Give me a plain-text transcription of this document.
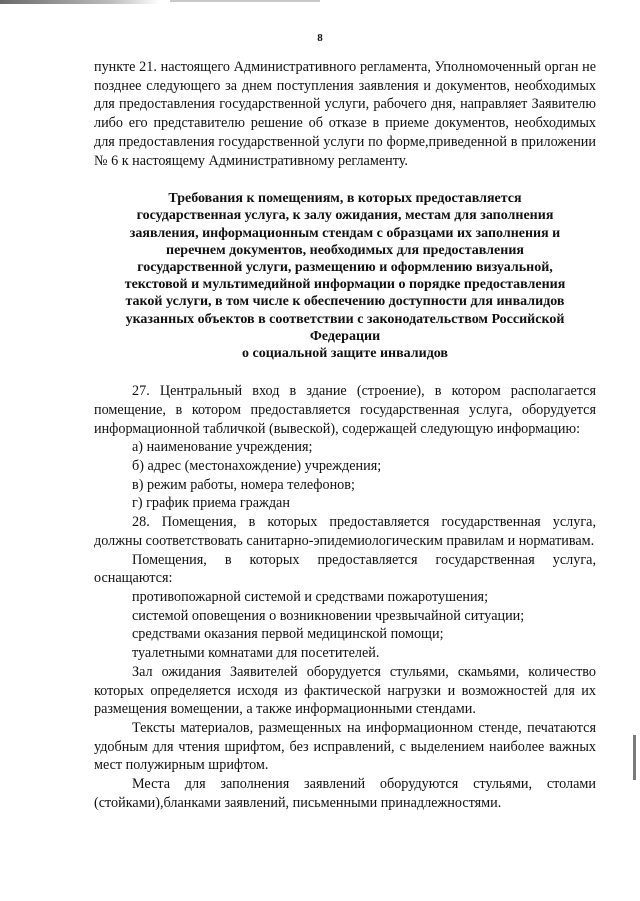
8

пункте 21. настоящего Административного регламента, Уполномоченный орган не позднее следующего за днем поступления заявления и документов, необходимых для предоставления государственной услуги, рабочего дня, направляет Заявителю либо его представителю решение об отказе в приеме документов, необходимых для предоставления государственной услуги по форме,приведенной в приложении № 6 к настоящему Административному регламенту.

Требования к помещениям, в которых предоставляется
государственная услуга, к залу ожидания, местам для заполнения
заявления, информационным стендам с образцами их заполнения и
перечнем документов, необходимых для предоставления
государственной услуги, размещению и оформлению визуальной,
текстовой и мультимедийной информации о порядке предоставления
такой услуги, в том числе к обеспечению доступности для инвалидов
указанных объектов в соответствии с законодательством Российской
Федерации
о социальной защите инвалидов

27. Центральный вход в здание (строение), в котором располагается помещение, в котором предоставляется государственная услуга, оборудуется информационной табличкой (вывеской), содержащей следующую информацию:

а) наименование учреждения;

б) адрес (местонахождение) учреждения;

в) режим работы, номера телефонов;

г) график приема граждан

28. Помещения, в которых предоставляется государственная услуга, должны соответствовать санитарно-эпидемиологическим правилам и нормативам.

Помещения, в которых предоставляется государственная услуга, оснащаются:

противопожарной системой и средствами пожаротушения;

системой оповещения о возникновении чрезвычайной ситуации;

средствами оказания первой медицинской помощи;

туалетными комнатами для посетителей.

Зал ожидания Заявителей оборудуется стульями, скамьями, количество которых определяется исходя из фактической нагрузки и возможностей для их размещения вомещении, а также информационными стендами.

Тексты материалов, размещенных на информационном стенде, печатаются удобным для чтения шрифтом, без исправлений, с выделением наиболее важных мест полужирным шрифтом.

Места для заполнения заявлений оборудуются стульями, столами (стойками),бланками заявлений, письменными принадлежностями.
